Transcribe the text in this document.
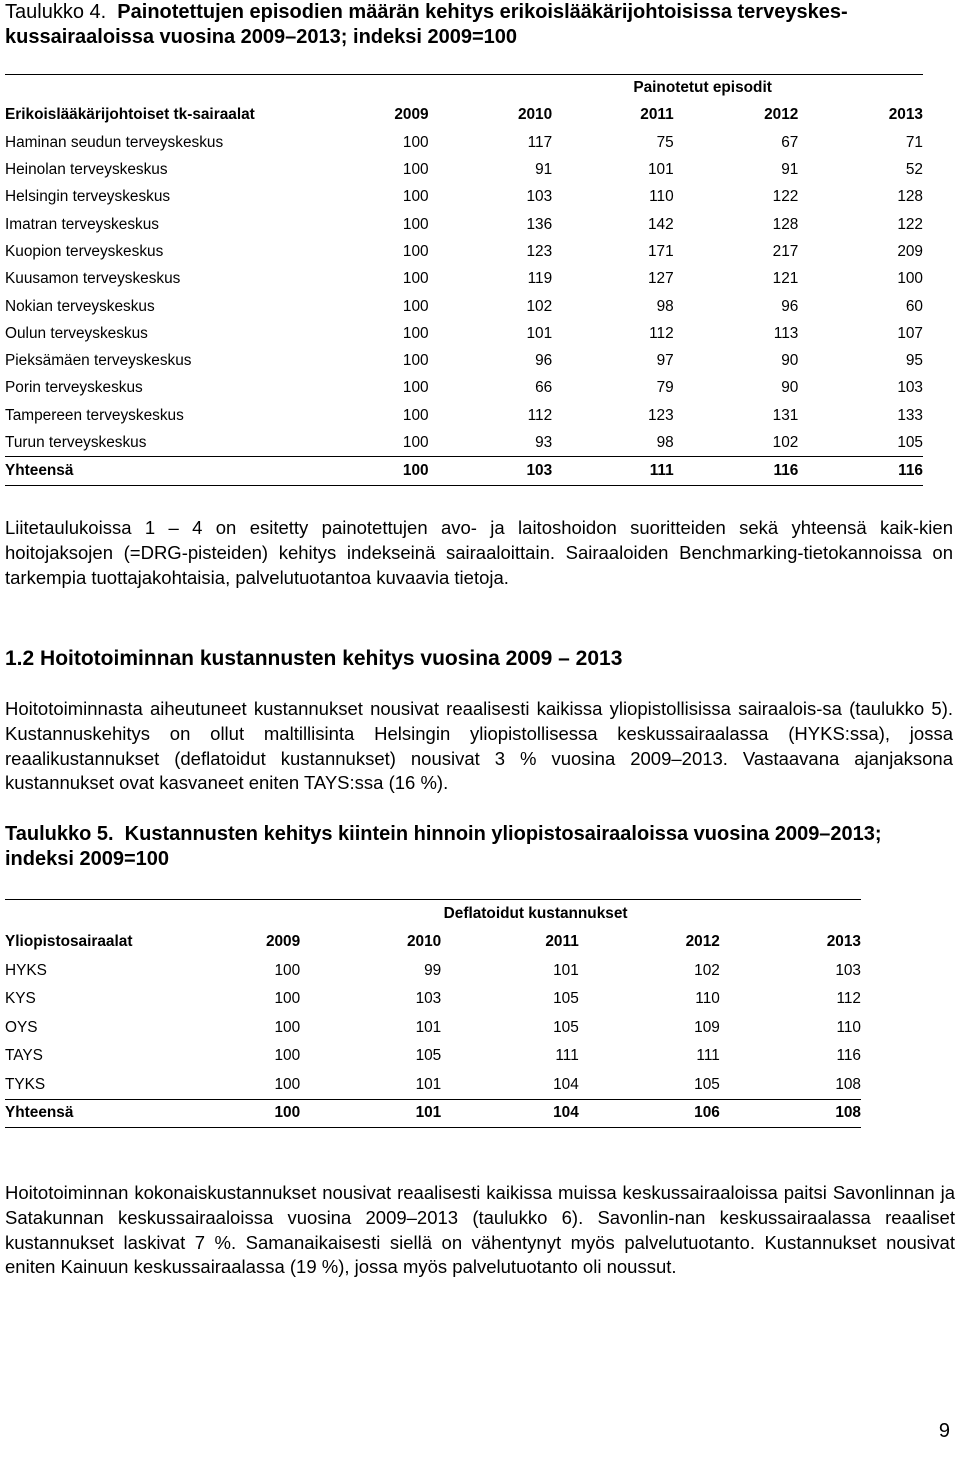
Taulukko 4. Painotettujen episodien määrän kehitys erikoislääkärijohtoisissa terveyskes-
kussairaaloissa vuosina 2009–2013; indeksi 2009=100
			Painotetut episodit		
Erikoislääkärijohtoiset tk-sairaalat	2009	2010	2011	2012	2013
Haminan seudun terveyskeskus	100	117	75	67	71
Heinolan terveyskeskus	100	91	101	91	52
Helsingin terveyskeskus	100	103	110	122	128
Imatran terveyskeskus	100	136	142	128	122
Kuopion terveyskeskus	100	123	171	217	209
Kuusamon terveyskeskus	100	119	127	121	100
Nokian terveyskeskus	100	102	98	96	60
Oulun terveyskeskus	100	101	112	113	107
Pieksämäen terveyskeskus	100	96	97	90	95
Porin terveyskeskus	100	66	79	90	103
Tampereen terveyskeskus	100	112	123	131	133
Turun terveyskeskus	100	93	98	102	105
Yhteensä	100	103	111	116	116

Liitetaulukoissa 1 – 4 on esitetty painotettujen avo- ja laitoshoidon suoritteiden sekä yhteensä kaik-kien hoitojaksojen (=DRG-pisteiden) kehitys indekseinä sairaaloittain. Sairaaloiden Benchmarking-tietokannoissa on tarkempia tuottajakohtaisia, palvelutuotantoa kuvaavia tietoja.

1.2 Hoitotoiminnan kustannusten kehitys vuosina 2009 – 2013

Hoitotoiminnasta aiheutuneet kustannukset nousivat reaalisesti kaikissa yliopistollisissa sairaalois-sa (taulukko 5). Kustannuskehitys on ollut maltillisinta Helsingin yliopistollisessa keskussairaalassa (HYKS:ssa), jossa reaalikustannukset (deflatoidut kustannukset) nousivat 3 % vuosina 2009–2013. Vastaavana ajanjaksona kustannukset ovat kasvaneet eniten TAYS:ssa (16 %).

Taulukko 5. Kustannusten kehitys kiintein hinnoin yliopistosairaaloissa vuosina 2009–2013;
indeksi 2009=100
		Deflatoidut kustannukset			
Yliopistosairaalat	2009	2010	2011	2012	2013
HYKS	100	99	101	102	103
KYS	100	103	105	110	112
OYS	100	101	105	109	110
TAYS	100	105	111	111	116
TYKS	100	101	104	105	108
Yhteensä	100	101	104	106	108

Hoitotoiminnan kokonaiskustannukset nousivat reaalisesti kaikissa muissa keskussairaaloissa paitsi Savonlinnan ja Satakunnan keskussairaaloissa vuosina 2009–2013 (taulukko 6). Savonlin-nan keskussairaalassa reaaliset kustannukset laskivat 7 %. Samanaikaisesti siellä on vähentynyt myös palvelutuotanto. Kustannukset nousivat eniten Kainuun keskussairaalassa (19 %), jossa myös palvelutuotanto oli noussut.

9
